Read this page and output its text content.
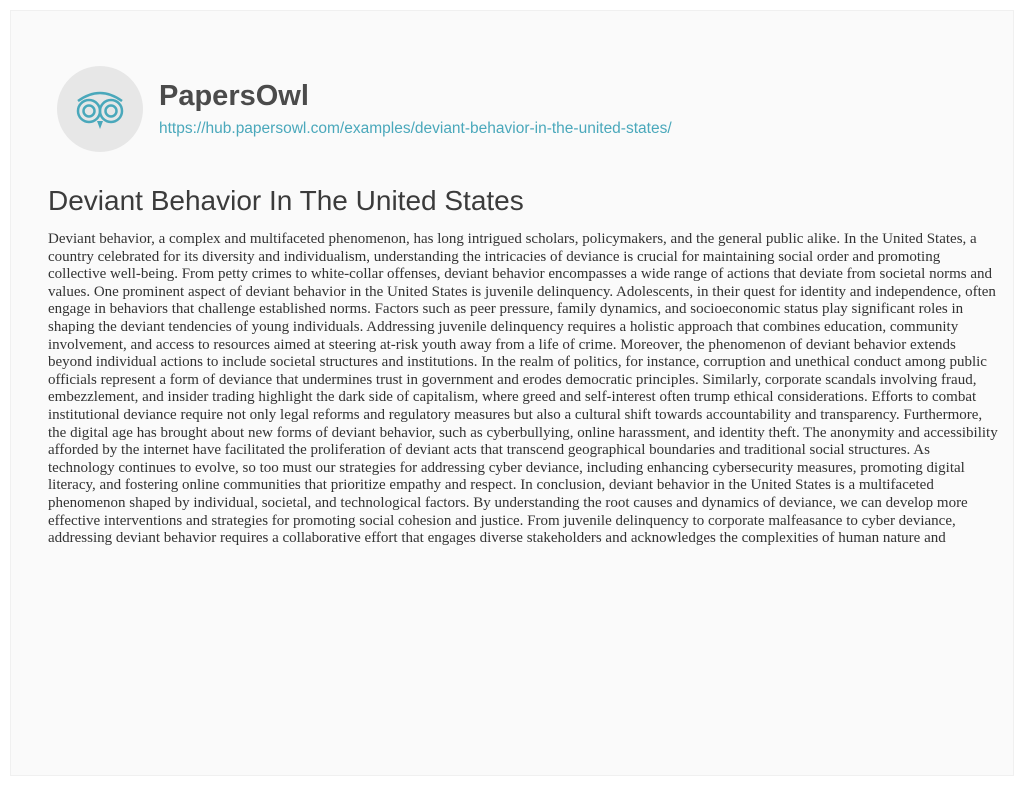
PapersOwl
https://hub.papersowl.com/examples/deviant-behavior-in-the-united-states/
Deviant Behavior In The United States

Deviant behavior, a complex and multifaceted phenomenon, has long intrigued scholars, policymakers, and the general public alike. In the United States, a country celebrated for its diversity and individualism, understanding the intricacies of deviance is crucial for maintaining social order and promoting collective well-being. From petty crimes to white-collar offenses, deviant behavior encompasses a wide range of actions that deviate from societal norms and values. One prominent aspect of deviant behavior in the United States is juvenile delinquency. Adolescents, in their quest for identity and independence, often engage in behaviors that challenge established norms. Factors such as peer pressure, family dynamics, and socioeconomic status play significant roles in shaping the deviant tendencies of young individuals. Addressing juvenile delinquency requires a holistic approach that combines education, community involvement, and access to resources aimed at steering at-risk youth away from a life of crime. Moreover, the phenomenon of deviant behavior extends beyond individual actions to include societal structures and institutions. In the realm of politics, for instance, corruption and unethical conduct among public officials represent a form of deviance that undermines trust in government and erodes democratic principles. Similarly, corporate scandals involving fraud, embezzlement, and insider trading highlight the dark side of capitalism, where greed and self-interest often trump ethical considerations. Efforts to combat institutional deviance require not only legal reforms and regulatory measures but also a cultural shift towards accountability and transparency. Furthermore, the digital age has brought about new forms of deviant behavior, such as cyberbullying, online harassment, and identity theft. The anonymity and accessibility afforded by the internet have facilitated the proliferation of deviant acts that transcend geographical boundaries and traditional social structures. As technology continues to evolve, so too must our strategies for addressing cyber deviance, including enhancing cybersecurity measures, promoting digital literacy, and fostering online communities that prioritize empathy and respect. In conclusion, deviant behavior in the United States is a multifaceted phenomenon shaped by individual, societal, and technological factors. By understanding the root causes and dynamics of deviance, we can develop more effective interventions and strategies for promoting social cohesion and justice. From juvenile delinquency to corporate malfeasance to cyber deviance, addressing deviant behavior requires a collaborative effort that engages diverse stakeholders and acknowledges the complexities of human nature and
